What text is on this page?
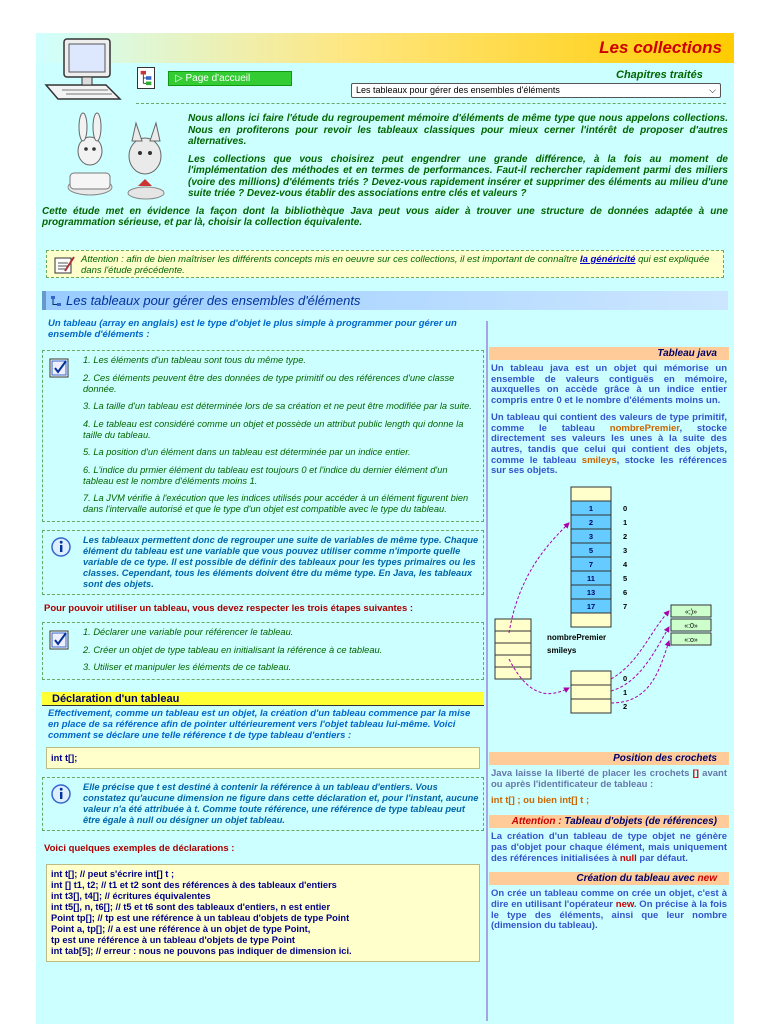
Les collections
▷ Page d'accueil	Chapitres traités
Les tableaux pour gérer des ensembles d'éléments	⌵

Nous allons ici faire l'étude du regroupement mémoire d'éléments de même type que nous appelons collections. Nous en profiterons pour revoir les tableaux classiques pour mieux cerner l'intérêt de proposer d'autres alternatives.

Les collections que vous choisirez peut engendrer une grande différence, à la fois au moment de l'implémentation des méthodes et en termes de performances. Faut-il rechercher rapidement parmi des miliers (voire des millions) d'éléments triés ? Devez-vous rapidement insérer et supprimer des éléments au milieu d'une suite triée ? Devez-vous établir des associations entre clés et valeurs ?

Cette étude met en évidence la façon dont la bibliothèque Java peut vous aider à trouver une structure de données adaptée à une programmation sérieuse, et par là, choisir la collection équivalente.

Attention : afin de bien maîtriser les différents concepts mis en oeuvre sur ces collections, il est important de connaître la généricité qui est expliquée dans l'étude précédente.
Les tableaux pour gérer des ensembles d'éléments
Un tableau (array en anglais) est le type d'objet le plus simple à programmer pour gérer un ensemble d'éléments :
1. Les éléments d'un tableau sont tous du même type.
2. Ces éléments peuvent être des données de type primitif ou des références d'une classe donnée.
3. La taille d'un tableau est déterminée lors de sa création et ne peut être modifiée par la suite.
4. Le tableau est considéré comme un objet et possède un attribut public length qui donne la taille du tableau.
5. La position d'un élément dans un tableau est déterminée par un indice entier.
6. L'indice du prmier élément du tableau est toujours 0 et l'indice du dernier élément d'un tableau est le nombre d'éléments moins 1.
7. La JVM vérifie à l'exécution que les indices utilisés pour accéder à un élément figurent bien dans l'intervalle autorisé et que le type d'un objet est compatible avec le type du tableau.
Les tableaux permettent donc de regrouper une suite de variables de même type. Chaque élément du tableau est une variable que vous pouvez utiliser comme n'importe quelle variable de ce type. Il est possible de définir des tableaux pour les types primaires ou les classes. Cependant, tous les éléments doivent être du même type. En Java, les tableaux sont des objets.
Pour pouvoir utiliser un tableau, vous devez respecter les trois étapes suivantes :
1. Déclarer une variable pour référencer le tableau.
2. Créer un objet de type tableau en initialisant la référence à ce tableau.
3. Utiliser et manipuler les éléments de ce tableau.
Déclaration d'un tableau
Effectivement, comme un tableau est un objet, la création d'un tableau commence par la mise en place de sa référence afin de pointer ultérieurement vers l'objet tableau lui-même. Voici comment se déclare une telle référence t de type tableau d'entiers :
int t[];
Elle précise que t est destiné à contenir la référence à un tableau d'entiers. Vous constatez qu'aucune dimension ne figure dans cette déclaration et, pour l'instant, aucune valeur n'a été attribuée à t. Comme toute référence, une référence de type tableau peut être égale à null ou désigner un objet tableau.
Voici quelques exemples de déclarations :
int t[]; // peut s'écrire int[] t ;
int [] t1, t2; // t1 et t2 sont des références à des tableaux d'entiers
int t3[], t4[]; // écritures équivalentes
int t5[], n, t6[]; // t5 et t6 sont des tableaux d'entiers, n est entier
Point tp[]; // tp est une référence à un tableau d'objets de type Point
Point a, tp[]; // a est une référence à un objet de type Point,
tp est une référence à un tableau d'objets de type Point
int tab[5]; // erreur : nous ne pouvons pas indiquer de dimension ici.
Tableau java
Un tableau java est un objet qui mémorise un ensemble de valeurs contiguës en mémoire, auxquelles on accède grâce à un indice entier compris entre 0 et le nombre d'éléments moins un.
Un tableau qui contient des valeurs de type primitif, comme le tableau nombrePremier, stocke directement ses valeurs les unes à la suite des autres, tandis que celui qui contient des objets, comme le tableau smileys, stocke les références sur ses objets.
1	0
2	1
3	2
5	3
7	4
11	5
13	6
17	7
0
1
2
nombrePremier
smileys
«;)»
«:0»
«:o»
Position des crochets
Java laisse la liberté de placer les crochets [] avant ou après l'identificateur de tableau :
int t[] ; ou bien int[] t ;
Attention : Tableau d'objets (de références)
La création d'un tableau de type objet ne génère pas d'objet pour chaque élément, mais uniquement des références initialisées à null par défaut.
Création du tableau avec new
On crée un tableau comme on crée un objet, c'est à dire en utilisant l'opérateur new. On précise à la fois le type des éléments, ainsi que leur nombre (dimension du tableau).
